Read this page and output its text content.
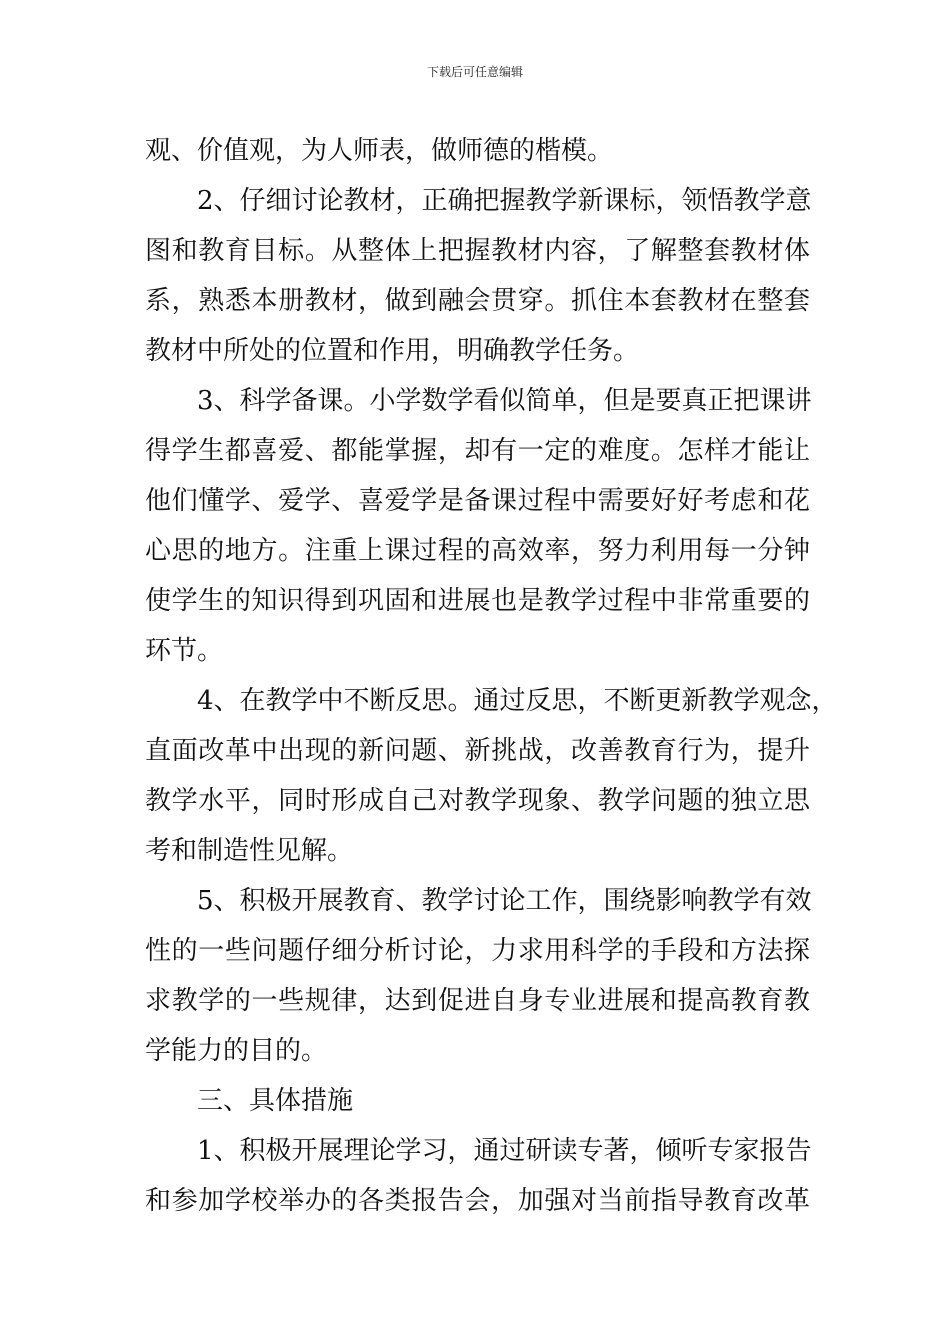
下载后可任意编辑
观、价值观，为人师表，做师德的楷模。
2、仔细讨论教材，正确把握教学新课标，领悟教学意
图和教育目标。从整体上把握教材内容，了解整套教材体
系，熟悉本册教材，做到融会贯穿。抓住本套教材在整套
教材中所处的位置和作用，明确教学任务。
3、科学备课。小学数学看似简单，但是要真正把课讲
得学生都喜爱、都能掌握，却有一定的难度。怎样才能让
他们懂学、爱学、喜爱学是备课过程中需要好好考虑和花
心思的地方。注重上课过程的高效率，努力利用每一分钟
使学生的知识得到巩固和进展也是教学过程中非常重要的
环节。
4、在教学中不断反思。通过反思，不断更新教学观念，
直面改革中出现的新问题、新挑战，改善教育行为，提升
教学水平，同时形成自己对教学现象、教学问题的独立思
考和制造性见解。
5、积极开展教育、教学讨论工作，围绕影响教学有效
性的一些问题仔细分析讨论，力求用科学的手段和方法探
求教学的一些规律，达到促进自身专业进展和提高教育教
学能力的目的。
三、具体措施
1、积极开展理论学习，通过研读专著，倾听专家报告
和参加学校举办的各类报告会，加强对当前指导教育改革
